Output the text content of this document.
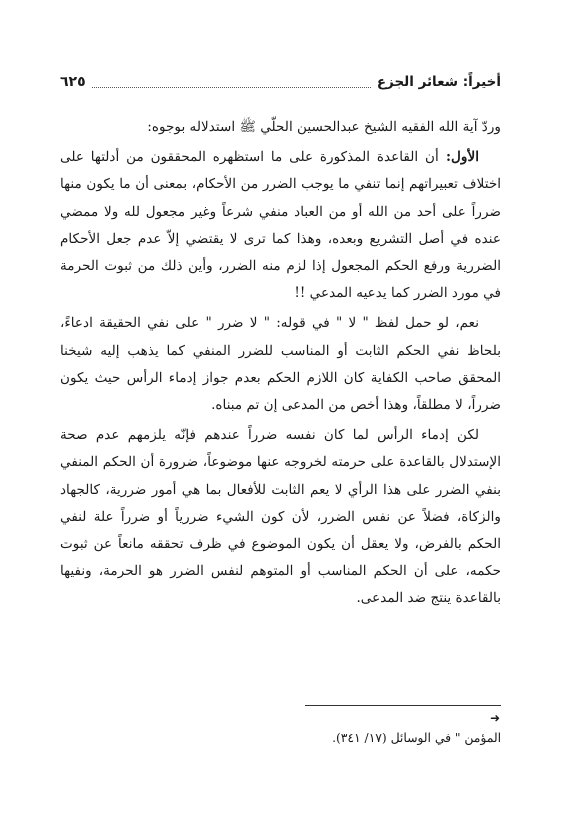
أخيراً: شعائر الجزع
٦٢٥

وردّ آية الله الفقيه الشيخ عبدالحسين الحلّي ﷺ استدلاله بوجوه:

الأول: أن القاعدة المذكورة على ما استظهره المحققون من أدلتها على اختلاف تعبيراتهم إنما تنفي ما يوجب الضرر من الأحكام، بمعنى أن ما يكون منها ضرراً على أحد من الله أو من العباد منفي شرعاً وغير مجعول لله ولا ممضي عنده في أصل التشريع وبعده، وهذا كما ترى لا يقتضي إلاّ عدم جعل الأحكام الضررية ورفع الحكم المجعول إذا لزم منه الضرر، وأين ذلك من ثبوت الحرمة في مورد الضرر كما يدعيه المدعي !!

نعم، لو حمل لفظ " لا " في قوله: " لا ضرر " على نفي الحقيقة ادعاءً، بلحاظ نفي الحكم الثابت أو المناسب للضرر المنفي كما يذهب إليه شيخنا المحقق صاحب الكفاية كان اللازم الحكم بعدم جواز إدماء الرأس حيث يكون ضرراً، لا مطلقاً، وهذا أخص من المدعى إن تم مبناه.

لكن إدماء الرأس لما كان نفسه ضرراً عندهم فإنّه يلزمهم عدم صحة الإستدلال بالقاعدة على حرمته لخروجه عنها موضوعاً، ضرورة أن الحكم المنفي بنفي الضرر على هذا الرأي لا يعم الثابت للأفعال بما هي أمور ضررية، كالجهاد والزكاة، فضلاً عن نفس الضرر، لأن كون الشيء ضررياً أو ضرراً علة لنفي الحكم بالفرض، ولا يعقل أن يكون الموضوع في ظرف تحققه مانعاً عن ثبوت حكمه، على أن الحكم المناسب أو المتوهم لنفس الضرر هو الحرمة، ونفيها بالقاعدة ينتج ضد المدعى.

➜
المؤمن " في الوسائل (١٧/ ٣٤١).
